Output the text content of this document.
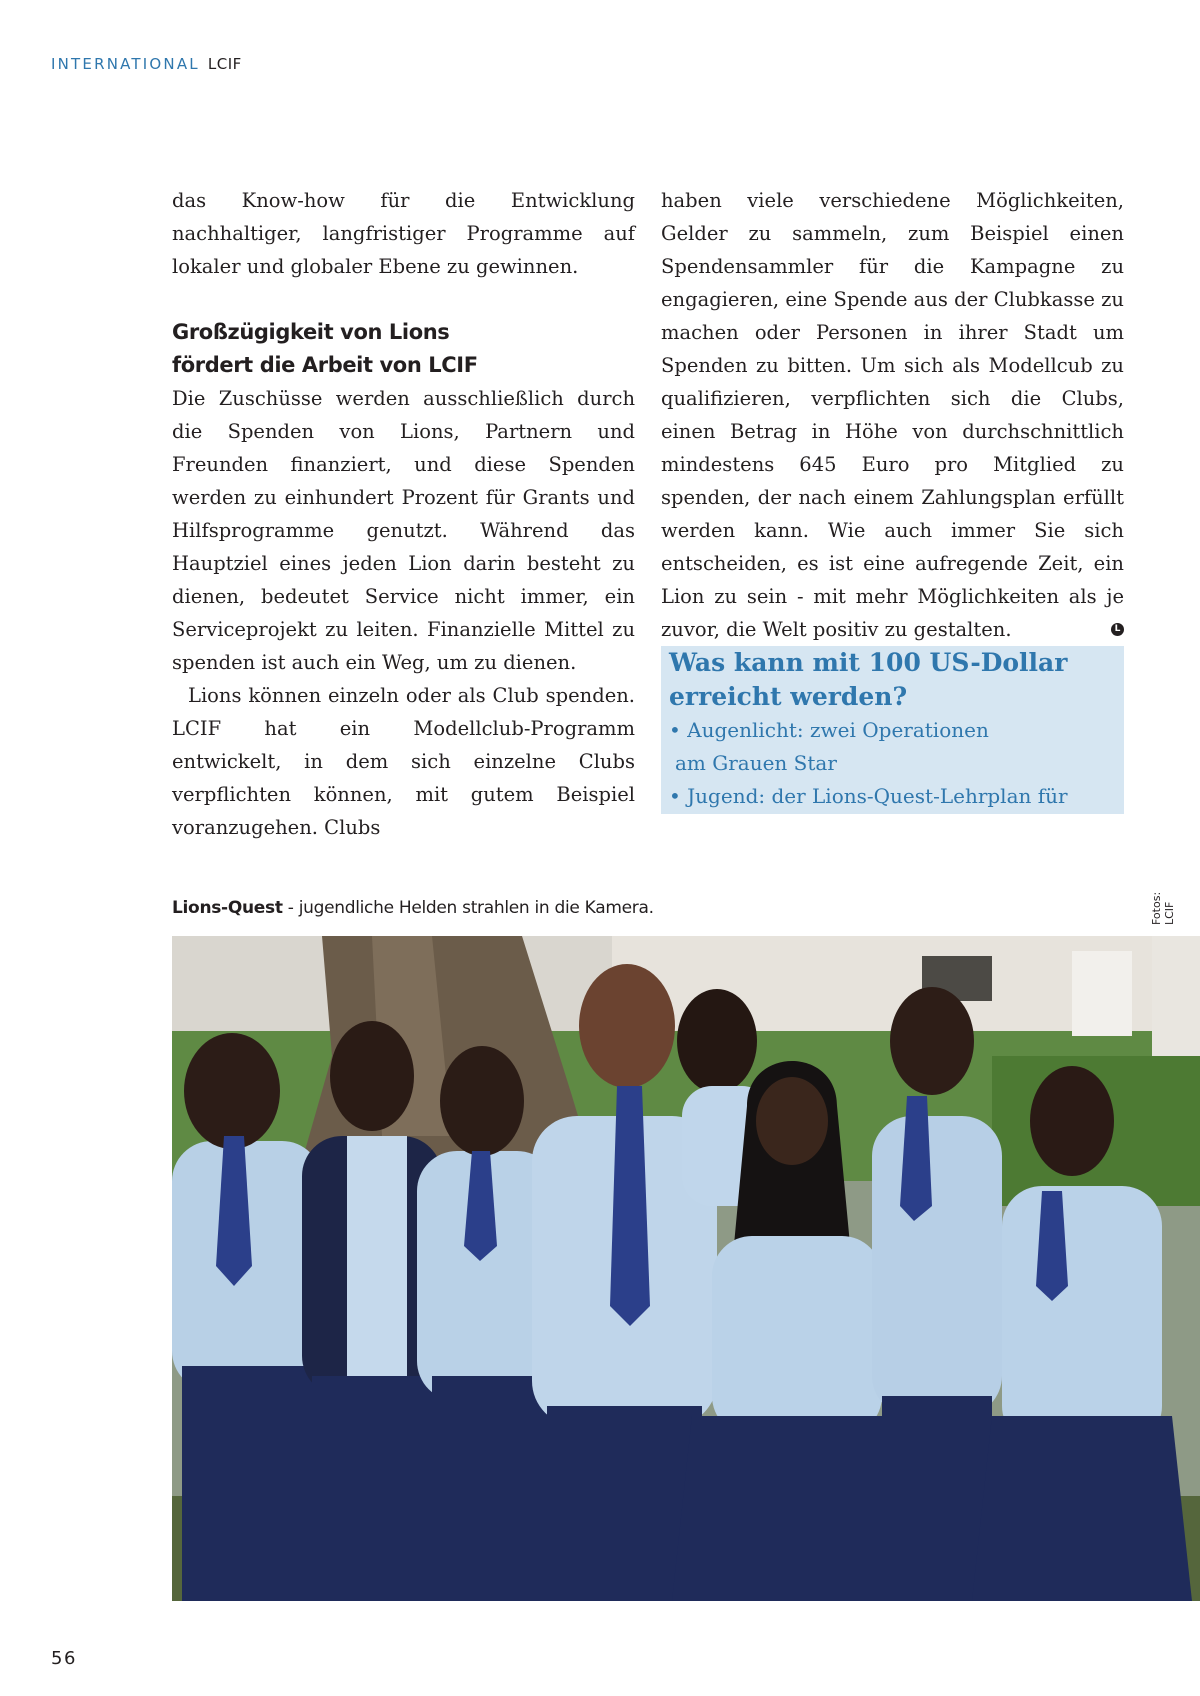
INTERNATIONAL LCIF

das Know-how für die Entwicklung nachhaltiger, langfristiger Programme auf lokaler und globaler Ebene zu gewinnen.

Großzügigkeit von Lions
fördert die Arbeit von LCIF

Die Zuschüsse werden ausschließlich durch die Spenden von Lions, Partnern und Freunden finanziert, und diese Spenden werden zu einhundert Prozent für Grants und Hilfsprogramme genutzt. Während das Hauptziel eines jeden Lion darin besteht zu dienen, bedeutet Service nicht immer, ein Serviceprojekt zu leiten. Finanzielle Mittel zu spenden ist auch ein Weg, um zu dienen.

Lions können einzeln oder als Club spenden. LCIF hat ein Modellclub-Programm entwickelt, in dem sich einzelne Clubs verpflichten können, mit gutem Beispiel voranzugehen. Clubs

haben viele verschiedene Möglichkeiten, Gelder zu sammeln, zum Beispiel einen Spendensammler für die Kampagne zu engagieren, eine Spende aus der Clubkasse zu machen oder Personen in ihrer Stadt um Spenden zu bitten. Um sich als Modellcub zu qualifizieren, verpflichten sich die Clubs, einen Betrag in Höhe von durchschnittlich mindestens 645 Euro pro Mitglied zu spenden, der nach einem Zahlungsplan erfüllt werden kann. Wie auch immer Sie sich entscheiden, es ist eine aufregende Zeit, ein Lion zu sein - mit mehr Möglichkeiten als je zuvor, die Welt positiv zu gestalten.	L

Was kann mit 100 US-Dollar
erreicht werden?
• Augenlicht: zwei Operationen
am Grauen Star
• Jugend: der Lions-Quest-Lehrplan für
Lions-Quest - jugendliche Helden strahlen in die Kamera.	Fotos: LCIF
56
